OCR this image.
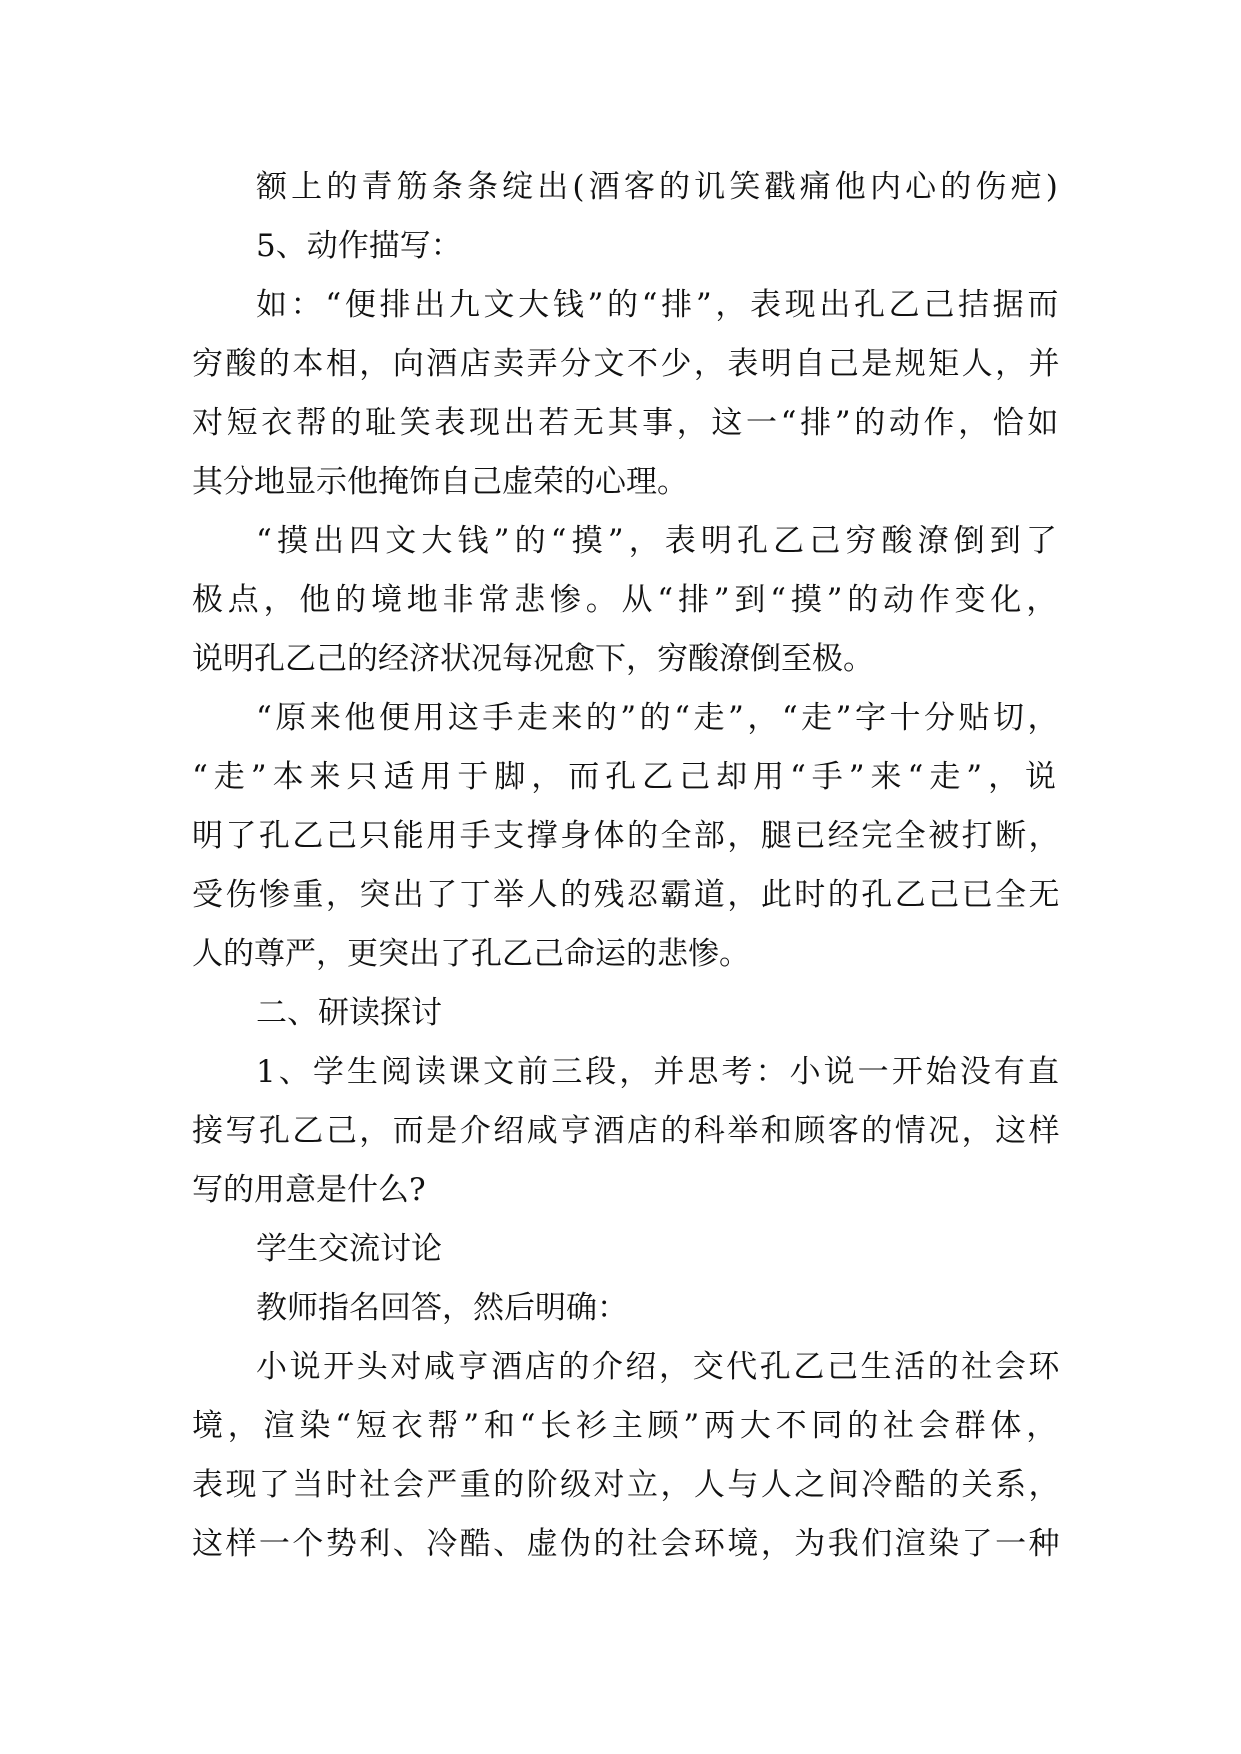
额上的青筋条条绽出(酒客的讥笑戳痛他内心的伤疤)
5、动作描写：
如：“便排出九文大钱”的“排”，表现出孔乙己拮据而
穷酸的本相，向酒店卖弄分文不少，表明自己是规矩人，并
对短衣帮的耻笑表现出若无其事，这一“排”的动作，恰如
其分地显示他掩饰自己虚荣的心理。
“摸出四文大钱”的“摸”，表明孔乙己穷酸潦倒到了
极点，他的境地非常悲惨。从“排”到“摸”的动作变化，
说明孔乙己的经济状况每况愈下，穷酸潦倒至极。
“原来他便用这手走来的”的“走”，“走”字十分贴切，
“走”本来只适用于脚，而孔乙己却用“手”来“走”，说
明了孔乙己只能用手支撑身体的全部，腿已经完全被打断，
受伤惨重，突出了丁举人的残忍霸道，此时的孔乙己已全无
人的尊严，更突出了孔乙己命运的悲惨。
二、研读探讨
1、学生阅读课文前三段，并思考：小说一开始没有直
接写孔乙己，而是介绍咸亨酒店的科举和顾客的情况，这样
写的用意是什么?
学生交流讨论
教师指名回答，然后明确：
小说开头对咸亨酒店的介绍，交代孔乙己生活的社会环
境，渲染“短衣帮”和“长衫主顾”两大不同的社会群体，
表现了当时社会严重的阶级对立，人与人之间冷酷的关系，
这样一个势利、冷酷、虚伪的社会环境，为我们渲染了一种
